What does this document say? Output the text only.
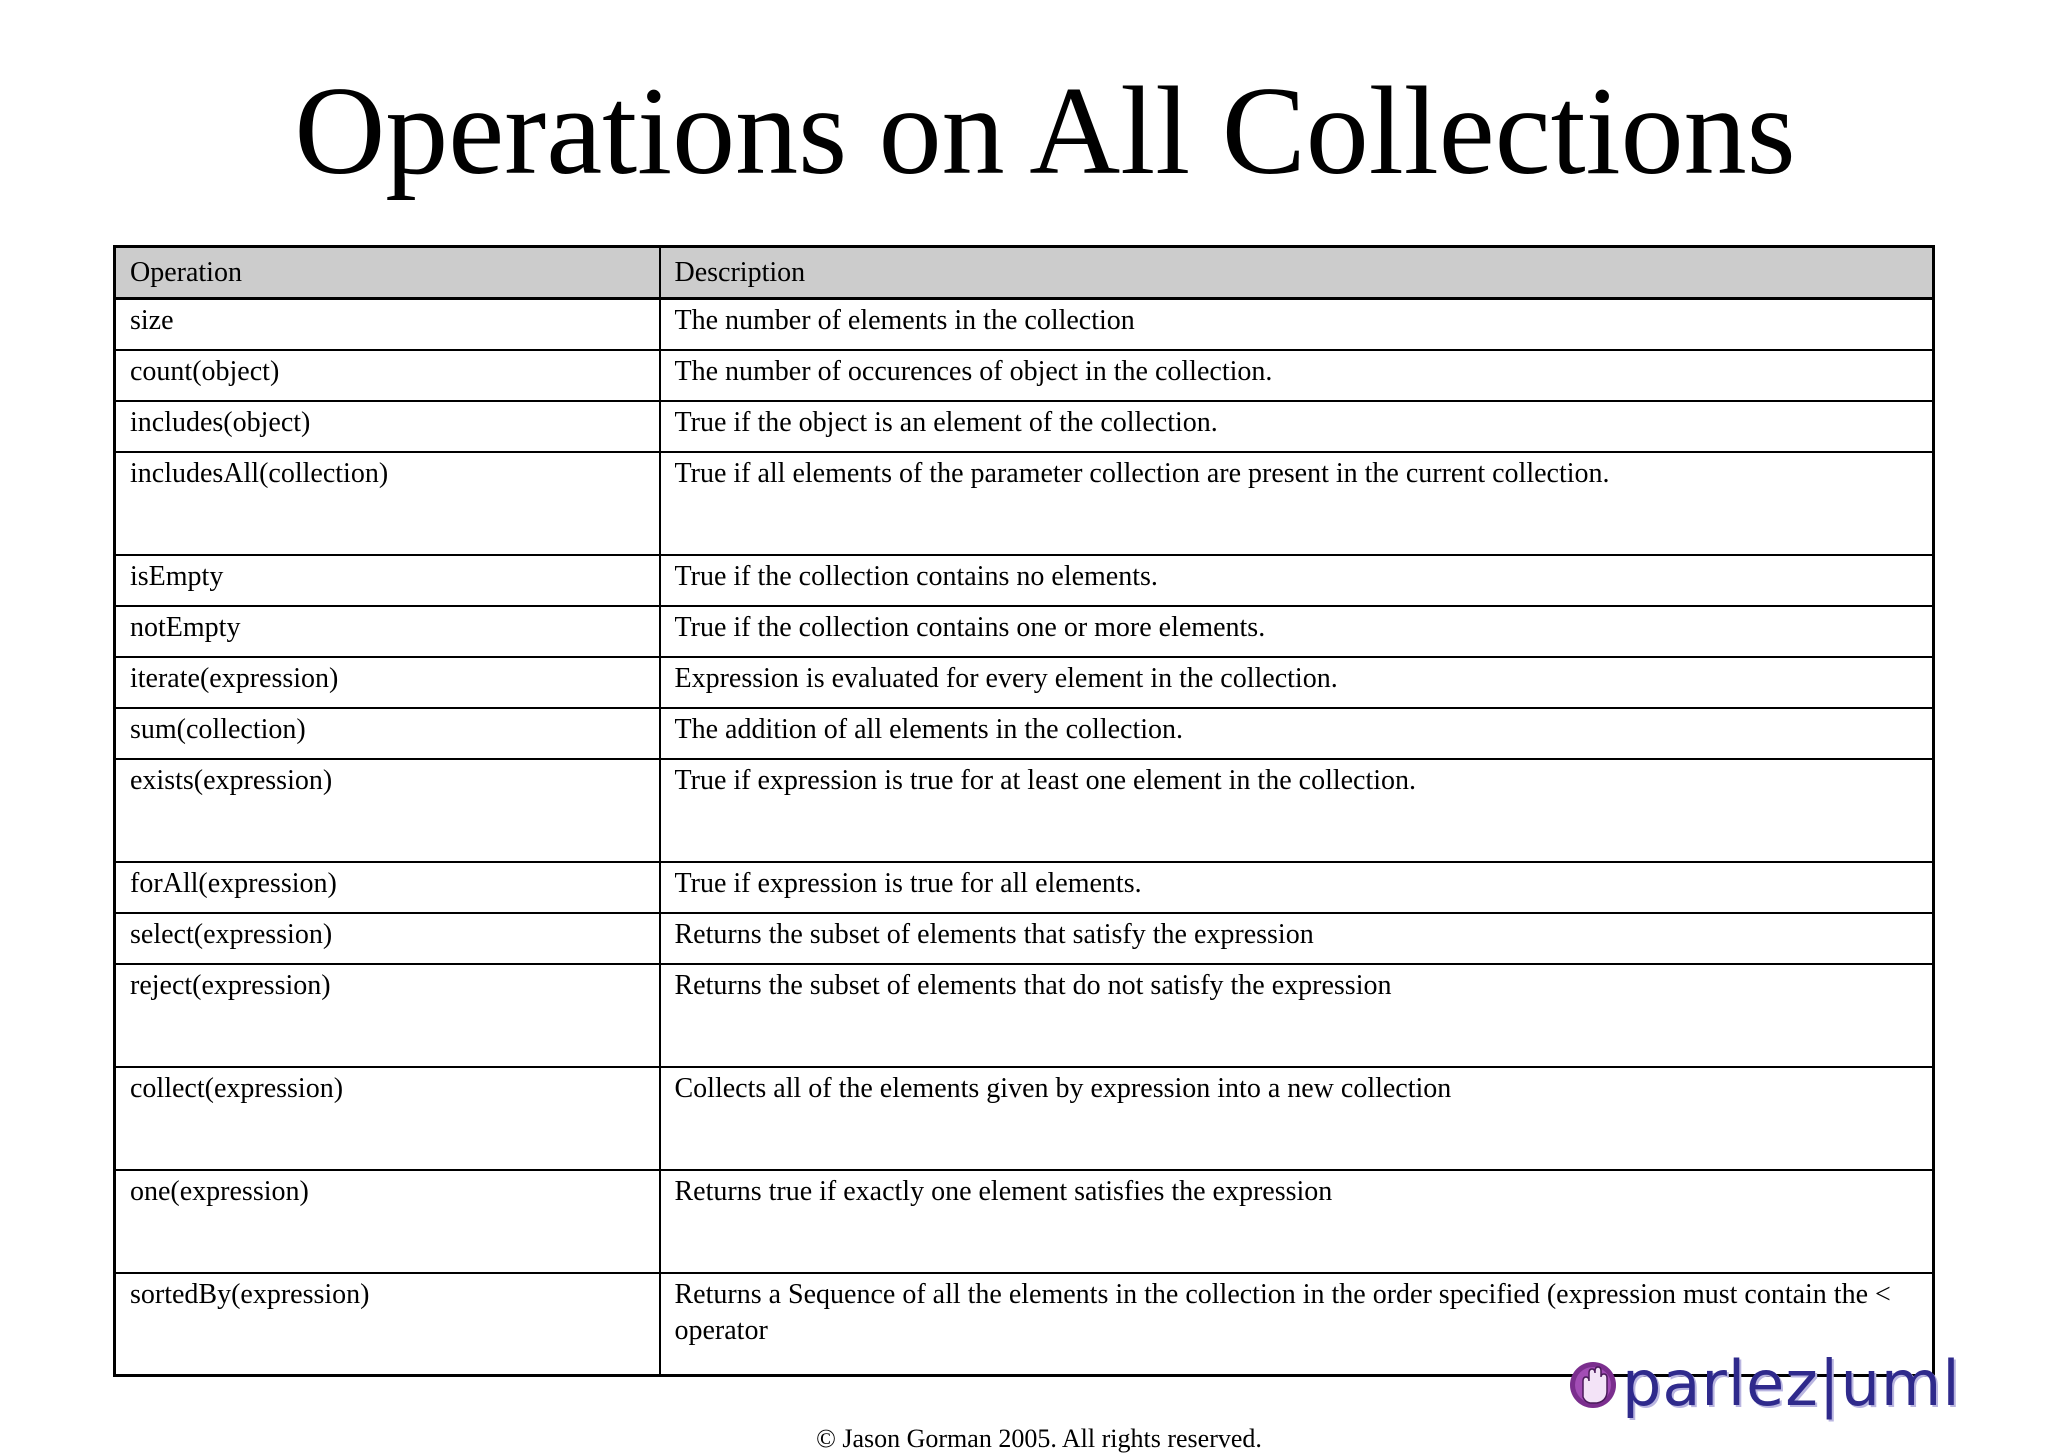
Operations on All Collections
Operation	Description
size	The number of elements in the collection
count(object)	The number of occurences of object in the collection.
includes(object)	True if the object is an element of the collection.
includesAll(collection)	True if all elements of the parameter collection are present in the current collection.
isEmpty	True if the collection contains no elements.
notEmpty	True if the collection contains one or more elements.
iterate(expression)	Expression is evaluated for every element in the collection.
sum(collection)	The addition of all elements in the collection.
exists(expression)	True if expression is true for at least one element in the collection.
forAll(expression)	True if expression is true for all elements.
select(expression)	Returns the subset of elements that satisfy the expression
reject(expression)	Returns the subset of elements that do not satisfy the expression
collect(expression)	Collects all of the elements given by expression into a new collection
one(expression)	Returns true if exactly one element satisfies the expression
sortedBy(expression)	Returns a Sequence of all the elements in the collection in the order specified (expression must contain the < operator
parlez|uml
© Jason Gorman 2005. All rights reserved.
